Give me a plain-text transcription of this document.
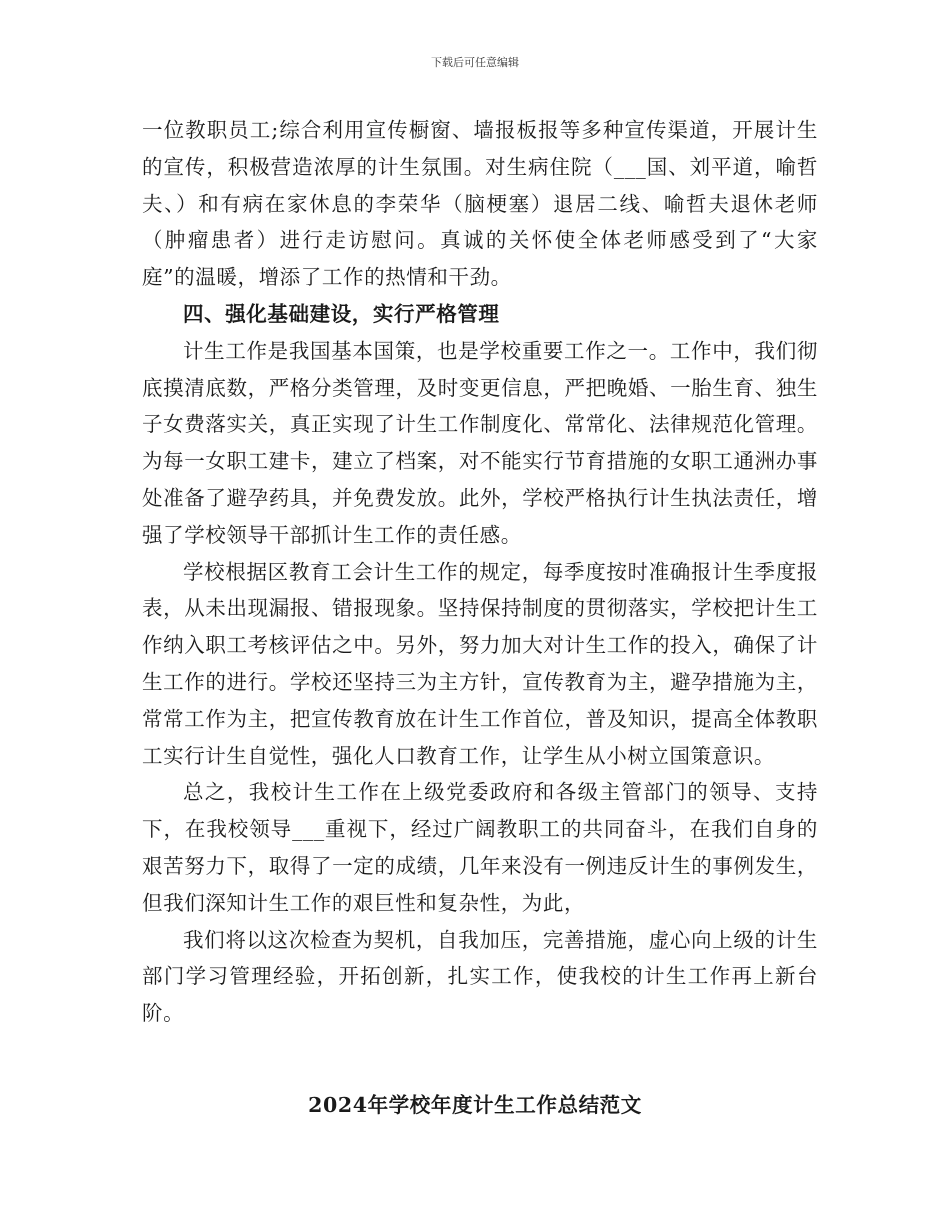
下载后可任意编辑

一位教职员工;综合利用宣传橱窗、墙报板报等多种宣传渠道，开展计生的宣传，积极营造浓厚的计生氛围。对生病住院（___国、刘平道，喻哲夫、）和有病在家休息的李荣华（脑梗塞）退居二线、喻哲夫退休老师（肿瘤患者）进行走访慰问。真诚的关怀使全体老师感受到了“大家庭”的温暖，增添了工作的热情和干劲。

四、强化基础建设，实行严格管理

计生工作是我国基本国策，也是学校重要工作之一。工作中，我们彻底摸清底数，严格分类管理，及时变更信息，严把晚婚、一胎生育、独生子女费落实关，真正实现了计生工作制度化、常常化、法律规范化管理。为每一女职工建卡，建立了档案，对不能实行节育措施的女职工通洲办事处准备了避孕药具，并免费发放。此外，学校严格执行计生执法责任，增强了学校领导干部抓计生工作的责任感。

学校根据区教育工会计生工作的规定，每季度按时准确报计生季度报表，从未出现漏报、错报现象。坚持保持制度的贯彻落实，学校把计生工作纳入职工考核评估之中。另外，努力加大对计生工作的投入，确保了计生工作的进行。学校还坚持三为主方针，宣传教育为主，避孕措施为主，常常工作为主，把宣传教育放在计生工作首位，普及知识，提高全体教职工实行计生自觉性，强化人口教育工作，让学生从小树立国策意识。

总之，我校计生工作在上级党委政府和各级主管部门的领导、支持下，在我校领导___重视下，经过广阔教职工的共同奋斗，在我们自身的艰苦努力下，取得了一定的成绩，几年来没有一例违反计生的事例发生，但我们深知计生工作的艰巨性和复杂性，为此，

我们将以这次检查为契机，自我加压，完善措施，虚心向上级的计生部门学习管理经验，开拓创新，扎实工作，使我校的计生工作再上新台阶。

2024年学校年度计生工作总结范文
